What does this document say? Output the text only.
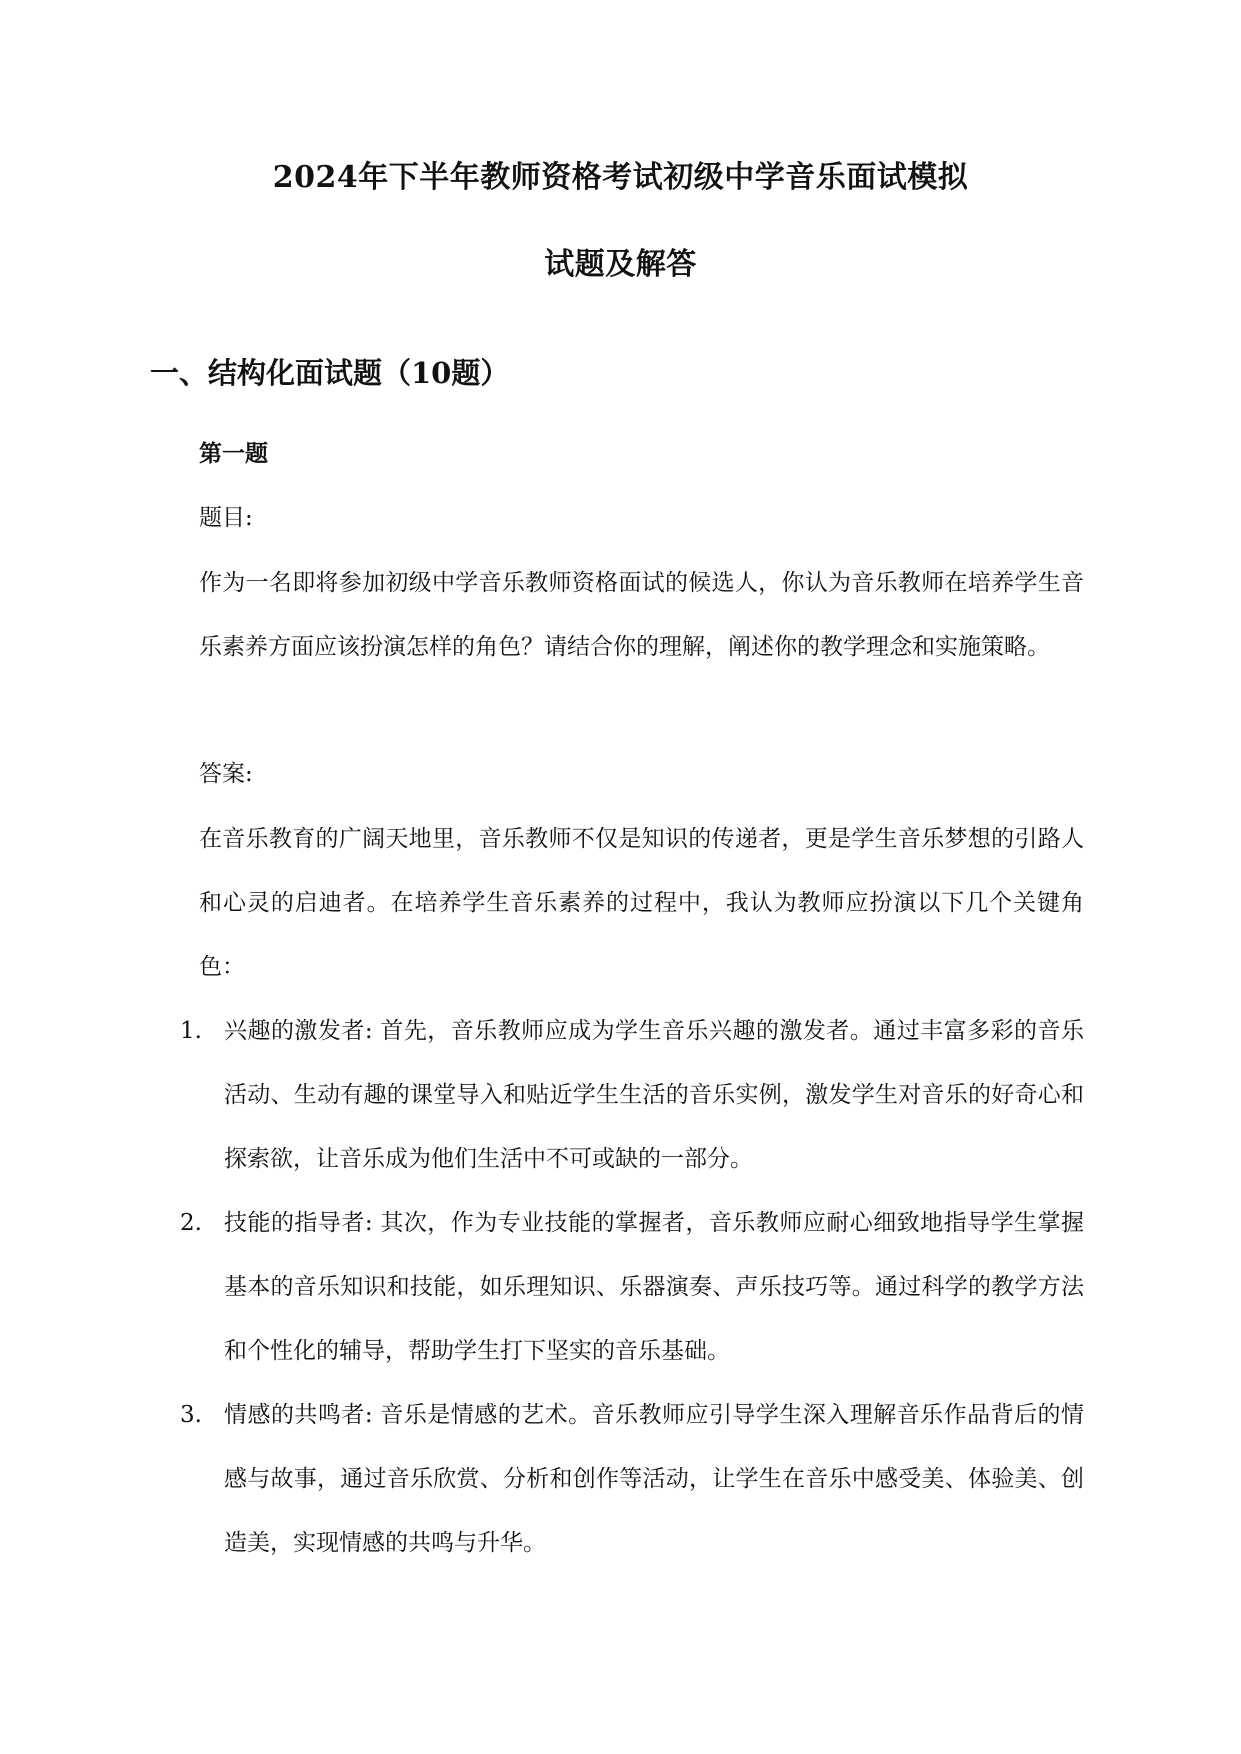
2024年下半年教师资格考试初级中学音乐面试模拟
试题及解答
一、结构化面试题（10题）
第一题
题目:
作为一名即将参加初级中学音乐教师资格面试的候选人，你认为音乐教师在培养学生音乐素养方面应该扮演怎样的角色？请结合你的理解，阐述你的教学理念和实施策略。
答案:
在音乐教育的广阔天地里，音乐教师不仅是知识的传递者，更是学生音乐梦想的引路人和心灵的启迪者。在培养学生音乐素养的过程中，我认为教师应扮演以下几个关键角色：
1. 兴趣的激发者: 首先，音乐教师应成为学生音乐兴趣的激发者。通过丰富多彩的音乐活动、生动有趣的课堂导入和贴近学生生活的音乐实例，激发学生对音乐的好奇心和探索欲，让音乐成为他们生活中不可或缺的一部分。
2. 技能的指导者: 其次，作为专业技能的掌握者，音乐教师应耐心细致地指导学生掌握基本的音乐知识和技能，如乐理知识、乐器演奏、声乐技巧等。通过科学的教学方法和个性化的辅导，帮助学生打下坚实的音乐基础。
3. 情感的共鸣者: 音乐是情感的艺术。音乐教师应引导学生深入理解音乐作品背后的情感与故事，通过音乐欣赏、分析和创作等活动，让学生在音乐中感受美、体验美、创造美，实现情感的共鸣与升华。
